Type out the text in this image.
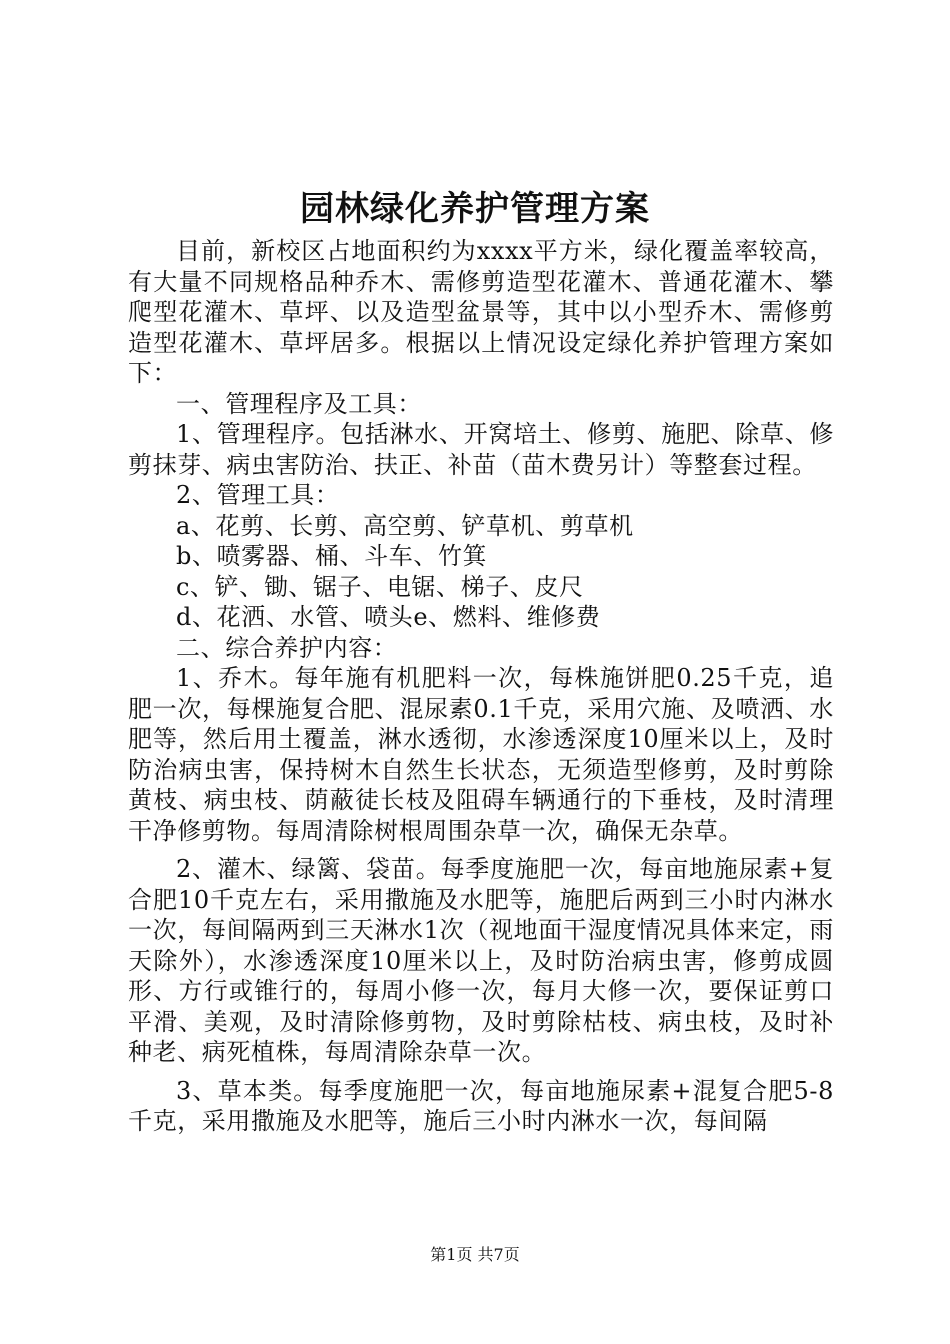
园林绿化养护管理方案

目前，新校区占地面积约为xxxx平方米，绿化覆盖率较高，有大量不同规格品种乔木、需修剪造型花灌木、普通花灌木、攀爬型花灌木、草坪、以及造型盆景等，其中以小型乔木、需修剪造型花灌木、草坪居多。根据以上情况设定绿化养护管理方案如下：

一、管理程序及工具：

1、管理程序。包括淋水、开窝培土、修剪、施肥、除草、修剪抹芽、病虫害防治、扶正、补苗（苗木费另计）等整套过程。

2、管理工具：

a、花剪、长剪、高空剪、铲草机、剪草机

b、喷雾器、桶、斗车、竹箕

c、铲、锄、锯子、电锯、梯子、皮尺

d、花洒、水管、喷头e、燃料、维修费

二、综合养护内容：

1、乔木。每年施有机肥料一次，每株施饼肥0.25千克，追肥一次，每棵施复合肥、混尿素0.1千克，采用穴施、及喷洒、水肥等，然后用土覆盖，淋水透彻，水渗透深度10厘米以上，及时防治病虫害，保持树木自然生长状态，无须造型修剪，及时剪除黄枝、病虫枝、荫蔽徒长枝及阻碍车辆通行的下垂枝，及时清理干净修剪物。每周清除树根周围杂草一次，确保无杂草。

2、灌木、绿篱、袋苗。每季度施肥一次，每亩地施尿素+复合肥10千克左右，采用撒施及水肥等，施肥后两到三小时内淋水一次，每间隔两到三天淋水1次（视地面干湿度情况具体来定，雨天除外），水渗透深度10厘米以上，及时防治病虫害，修剪成圆形、方行或锥行的，每周小修一次，每月大修一次，要保证剪口平滑、美观，及时清除修剪物，及时剪除枯枝、病虫枝，及时补种老、病死植株，每周清除杂草一次。

3、草本类。每季度施肥一次，每亩地施尿素+混复合肥5-8千克，采用撒施及水肥等，施后三小时内淋水一次，每间隔

第1页 共7页
